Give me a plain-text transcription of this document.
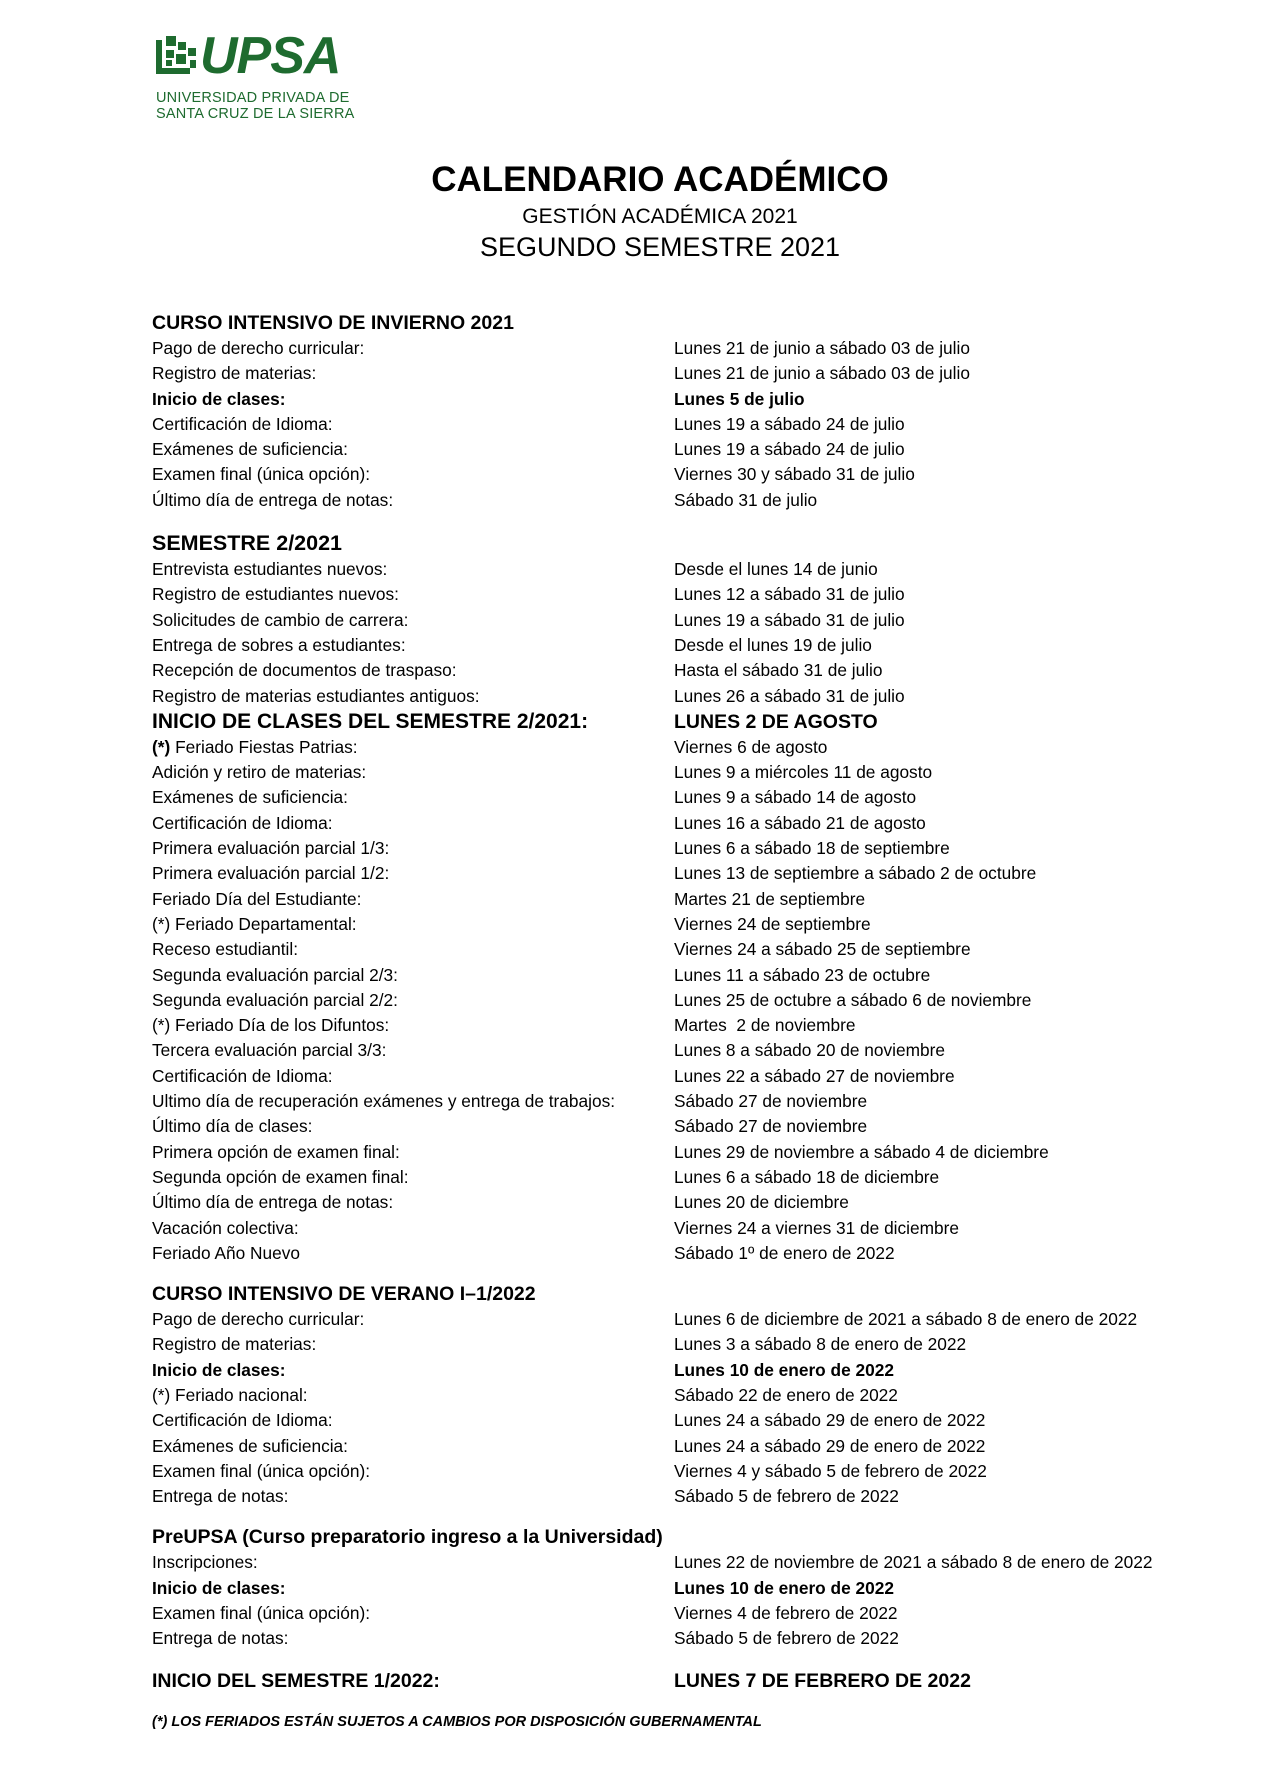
UPSA
UNIVERSIDAD PRIVADA DE
SANTA CRUZ DE LA SIERRA
CALENDARIO ACADÉMICO
GESTIÓN ACADÉMICA 2021
SEGUNDO SEMESTRE 2021
CURSO INTENSIVO DE INVIERNO 2021
Pago de derecho curricular:	Lunes 21 de junio a sábado 03 de julio
Registro de materias:	Lunes 21 de junio a sábado 03 de julio
Inicio de clases:	Lunes 5 de julio
Certificación de Idioma:	Lunes 19 a sábado 24 de julio
Exámenes de suficiencia:	Lunes 19 a sábado 24 de julio
Examen final (única opción):	Viernes 30 y sábado 31 de julio
Último día de entrega de notas:	Sábado 31 de julio
SEMESTRE 2/2021
Entrevista estudiantes nuevos:	Desde el lunes 14 de junio
Registro de estudiantes nuevos:	Lunes 12 a sábado 31 de julio
Solicitudes de cambio de carrera:	Lunes 19 a sábado 31 de julio
Entrega de sobres a estudiantes:	Desde el lunes 19 de julio
Recepción de documentos de traspaso:	Hasta el sábado 31 de julio
Registro de materias estudiantes antiguos:	Lunes 26 a sábado 31 de julio
INICIO DE CLASES DEL SEMESTRE 2/2021:	LUNES 2 DE AGOSTO
(*) Feriado Fiestas Patrias:	Viernes 6 de agosto
Adición y retiro de materias:	Lunes 9 a miércoles 11 de agosto
Exámenes de suficiencia:	Lunes 9 a sábado 14 de agosto
Certificación de Idioma:	Lunes 16 a sábado 21 de agosto
Primera evaluación parcial 1/3:	Lunes 6 a sábado 18 de septiembre
Primera evaluación parcial 1/2:	Lunes 13 de septiembre a sábado 2 de octubre
Feriado Día del Estudiante:	Martes 21 de septiembre
(*) Feriado Departamental:	Viernes 24 de septiembre
Receso estudiantil:	Viernes 24 a sábado 25 de septiembre
Segunda evaluación parcial 2/3:	Lunes 11 a sábado 23 de octubre
Segunda evaluación parcial 2/2:	Lunes 25 de octubre a sábado 6 de noviembre
(*) Feriado Día de los Difuntos:	Martes  2 de noviembre
Tercera evaluación parcial 3/3:	Lunes 8 a sábado 20 de noviembre
Certificación de Idioma:	Lunes 22 a sábado 27 de noviembre
Ultimo día de recuperación exámenes y entrega de trabajos:	Sábado 27 de noviembre
Último día de clases:	Sábado 27 de noviembre
Primera opción de examen final:	Lunes 29 de noviembre a sábado 4 de diciembre
Segunda opción de examen final:	Lunes 6 a sábado 18 de diciembre
Último día de entrega de notas:	Lunes 20 de diciembre
Vacación colectiva:	Viernes 24 a viernes 31 de diciembre
Feriado Año Nuevo	Sábado 1º de enero de 2022
CURSO INTENSIVO DE VERANO I–1/2022
Pago de derecho curricular:	Lunes 6 de diciembre de 2021 a sábado 8 de enero de 2022
Registro de materias:	Lunes 3 a sábado 8 de enero de 2022
Inicio de clases:	Lunes 10 de enero de 2022
(*) Feriado nacional:	Sábado 22 de enero de 2022
Certificación de Idioma:	Lunes 24 a sábado 29 de enero de 2022
Exámenes de suficiencia:	Lunes 24 a sábado 29 de enero de 2022
Examen final (única opción):	Viernes 4 y sábado 5 de febrero de 2022
Entrega de notas:	Sábado 5 de febrero de 2022
PreUPSA (Curso preparatorio ingreso a la Universidad)
Inscripciones:	Lunes 22 de noviembre de 2021 a sábado 8 de enero de 2022
Inicio de clases:	Lunes 10 de enero de 2022
Examen final (única opción):	Viernes 4 de febrero de 2022
Entrega de notas:	Sábado 5 de febrero de 2022
INICIO DEL SEMESTRE 1/2022:	LUNES 7 DE FEBRERO DE 2022
(*) LOS FERIADOS ESTÁN SUJETOS A CAMBIOS POR DISPOSICIÓN GUBERNAMENTAL
